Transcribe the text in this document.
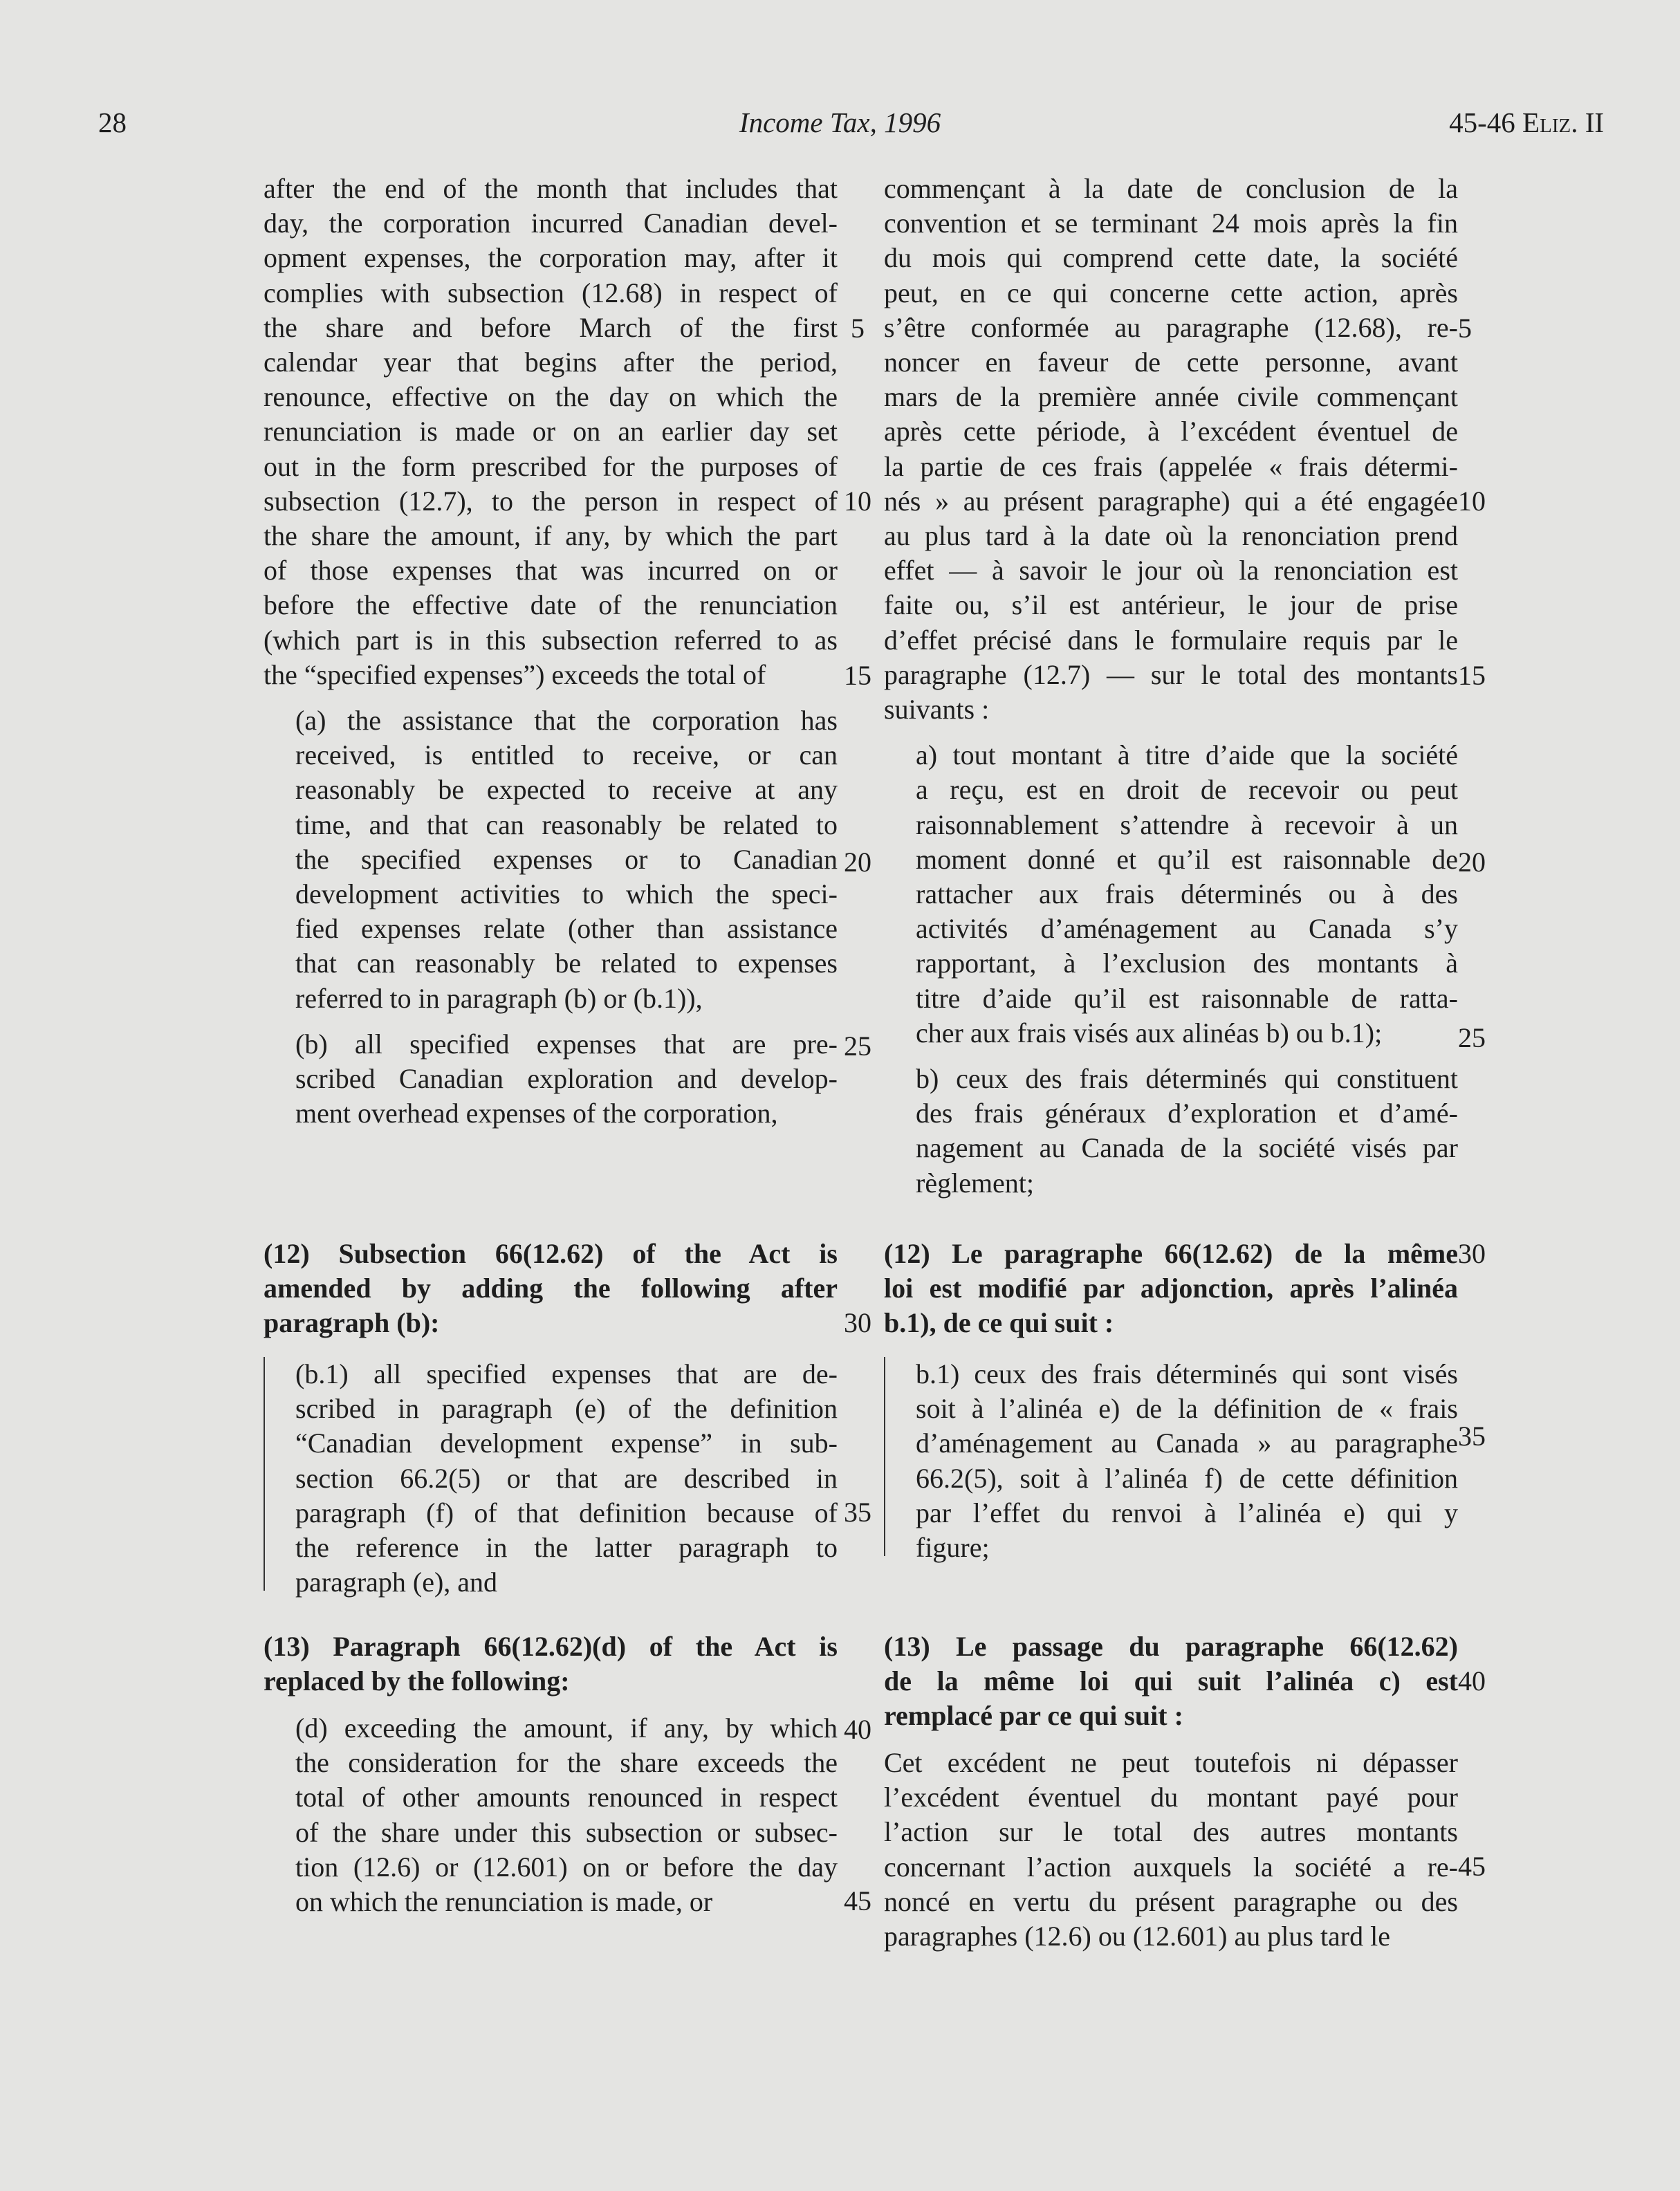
28	Income Tax, 1996	45-46 Eliz. II

after the end of the month that includes that

day, the corporation incurred Canadian devel-

opment expenses, the corporation may, after it

complies with subsection (12.68) in respect of

the share and before March of the first

calendar year that begins after the period,

renounce, effective on the day on which the

renunciation is made or on an earlier day set

out in the form prescribed for the purposes of

subsection (12.7), to the person in respect of

the share the amount, if any, by which the part

of those expenses that was incurred on or

before the effective date of the renunciation

(which part is in this subsection referred to as

the “specified expenses”) exceeds the total of

(a) the assistance that the corporation has

received, is entitled to receive, or can

reasonably be expected to receive at any

time, and that can reasonably be related to

the specified expenses or to Canadian

development activities to which the speci-

fied expenses relate (other than assistance

that can reasonably be related to expenses

referred to in paragraph (b) or (b.1)),

(b) all specified expenses that are pre-

scribed Canadian exploration and develop-

ment overhead expenses of the corporation,

(12) Subsection 66(12.62) of the Act is

amended by adding the following after

paragraph (b):

(b.1) all specified expenses that are de-

scribed in paragraph (e) of the definition

“Canadian development expense” in sub-

section 66.2(5) or that are described in

paragraph (f) of that definition because of

the reference in the latter paragraph to

paragraph (e), and

(13) Paragraph 66(12.62)(d) of the Act is

replaced by the following:

(d) exceeding the amount, if any, by which

the consideration for the share exceeds the

total of other amounts renounced in respect

of the share under this subsection or subsec-

tion (12.6) or (12.601) on or before the day

on which the renunciation is made, or

commençant à la date de conclusion de la

convention et se terminant 24 mois après la fin

du mois qui comprend cette date, la société

peut, en ce qui concerne cette action, après

s’être conformée au paragraphe (12.68), re-

noncer en faveur de cette personne, avant

mars de la première année civile commençant

après cette période, à l’excédent éventuel de

la partie de ces frais (appelée « frais détermi-

nés » au présent paragraphe) qui a été engagée

au plus tard à la date où la renonciation prend

effet — à savoir le jour où la renonciation est

faite ou, s’il est antérieur, le jour de prise

d’effet précisé dans le formulaire requis par le

paragraphe (12.7) — sur le total des montants

suivants :

a) tout montant à titre d’aide que la société

a reçu, est en droit de recevoir ou peut

raisonnablement s’attendre à recevoir à un

moment donné et qu’il est raisonnable de

rattacher aux frais déterminés ou à des

activités d’aménagement au Canada s’y

rapportant, à l’exclusion des montants à

titre d’aide qu’il est raisonnable de ratta-

cher aux frais visés aux alinéas b) ou b.1);

b) ceux des frais déterminés qui constituent

des frais généraux d’exploration et d’amé-

nagement au Canada de la société visés par

règlement;

(12) Le paragraphe 66(12.62) de la même

loi est modifié par adjonction, après l’alinéa

b.1), de ce qui suit :

b.1) ceux des frais déterminés qui sont visés

soit à l’alinéa e) de la définition de « frais

d’aménagement au Canada » au paragraphe

66.2(5), soit à l’alinéa f) de cette définition

par l’effet du renvoi à l’alinéa e) qui y

figure;

(13) Le passage du paragraphe 66(12.62)

de la même loi qui suit l’alinéa c) est

remplacé par ce qui suit :

Cet excédent ne peut toutefois ni dépasser

l’excédent éventuel du montant payé pour

l’action sur le total des autres montants

concernant l’action auxquels la société a re-

noncé en vertu du présent paragraphe ou des

paragraphes (12.6) ou (12.601) au plus tard le

5
10
15
20
25
30
35
40
45
5
10
15
20
25
30
35
40
45
